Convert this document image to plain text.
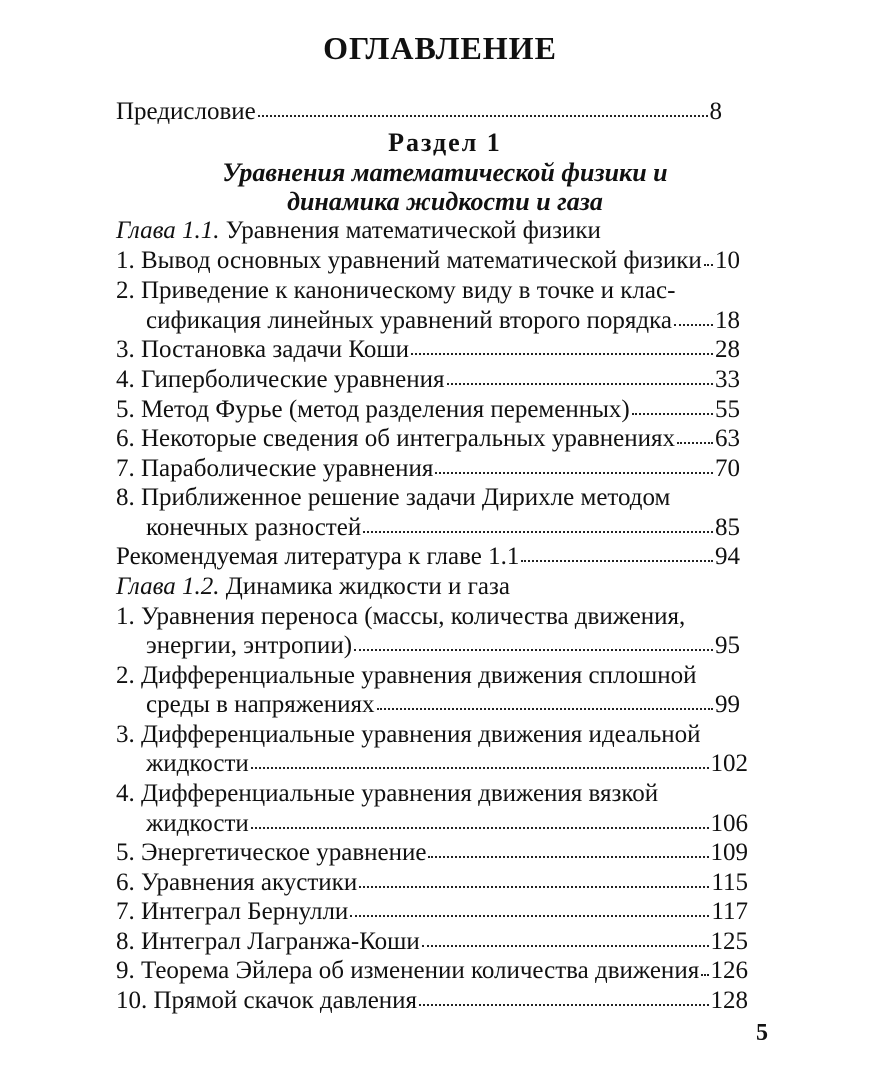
ОГЛАВЛЕНИЕ
Предисловие	8
Раздел 1
Уравнения математической физики и
динамика жидкости и газа
Глава 1.1. Уравнения математической физики
1. Вывод основных уравнений математической физики 10
2. Приведение к каноническому виду в точке и клас-
сификация линейных уравнений второго порядка 18
3. Постановка задачи Коши	28
4. Гиперболические уравнения	33
5. Метод Фурье (метод разделения переменных)	55
6. Некоторые сведения об интегральных уравнениях 63
7. Параболические уравнения	70
8. Приближенное решение задачи Дирихле методом
конечных разностей	85
Рекомендуемая литература к главе 1.1	94
Глава 1.2. Динамика жидкости и газа
1. Уравнения переноса (массы, количества движения,
энергии, энтропии)	95
2. Дифференциальные уравнения движения сплошной
среды в напряжениях	99
3. Дифференциальные уравнения движения идеальной
жидкости	102
4. Дифференциальные уравнения движения вязкой
жидкости	106
5. Энергетическое уравнение	109
6. Уравнения акустики	115
7. Интеграл Бернулли	117
8. Интеграл Лагранжа-Коши	125
9. Теорема Эйлера об изменении количества движения 126
10. Прямой скачок давления	128
5
